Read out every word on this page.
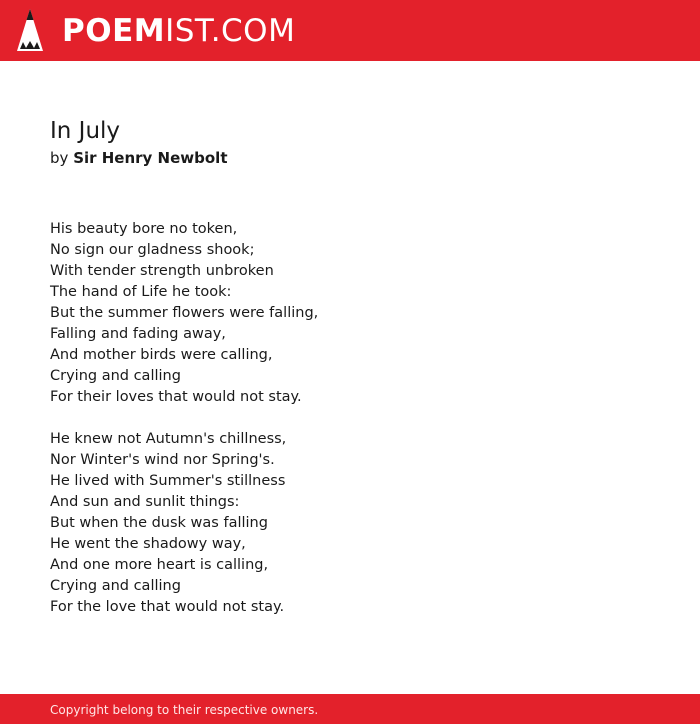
POEMIST.COM
In July
by Sir Henry Newbolt
His beauty bore no token,
No sign our gladness shook;
With tender strength unbroken
The hand of Life he took:
But the summer flowers were falling,
Falling and fading away,
And mother birds were calling,
Crying and calling
For their loves that would not stay.
He knew not Autumn's chillness,
Nor Winter's wind nor Spring's.
He lived with Summer's stillness
And sun and sunlit things:
But when the dusk was falling
He went the shadowy way,
And one more heart is calling,
Crying and calling
For the love that would not stay.
Copyright belong to their respective owners.
